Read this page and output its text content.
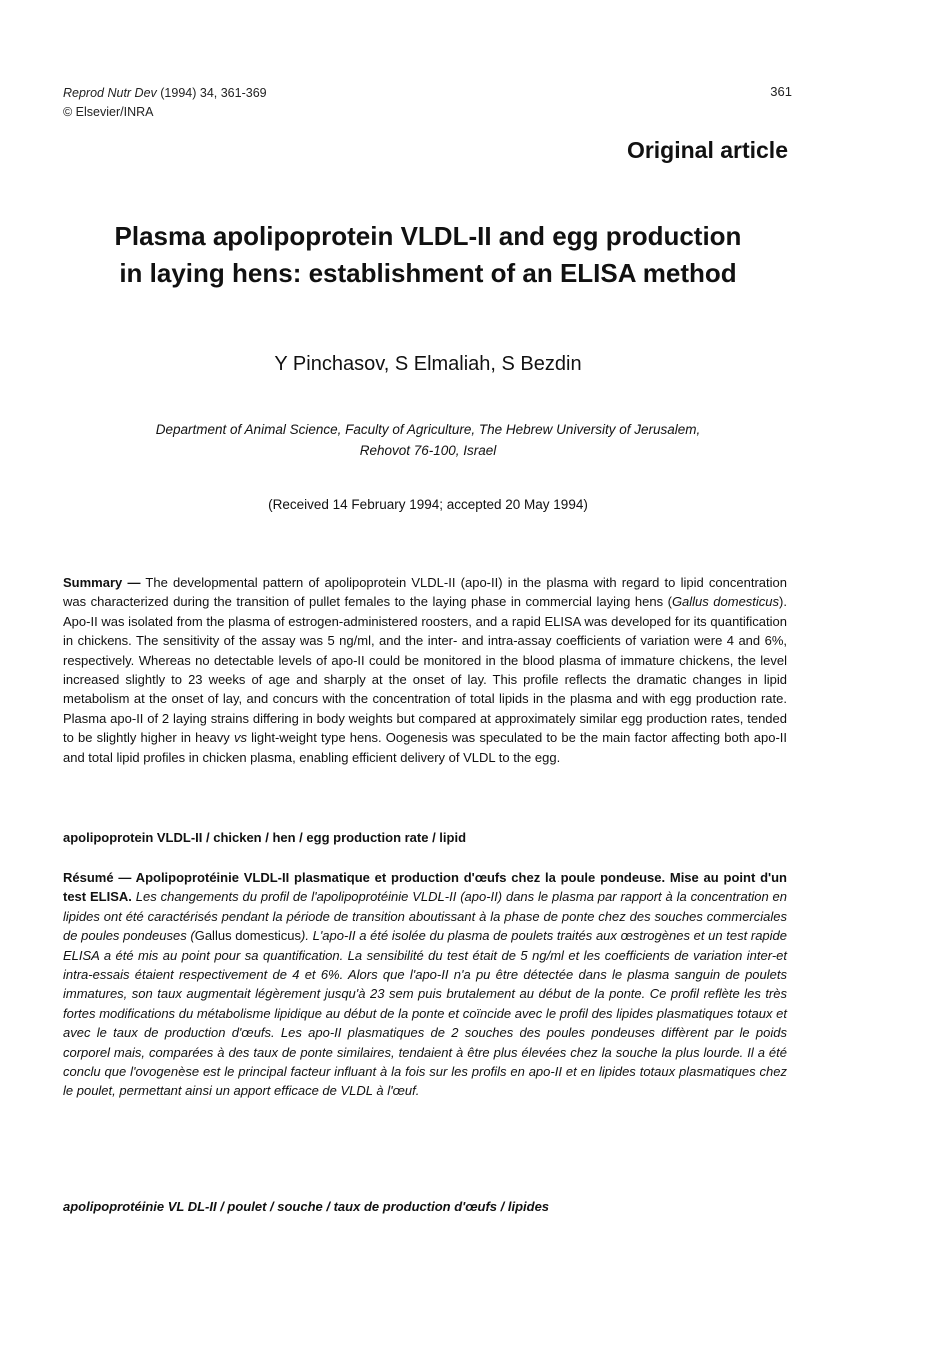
Reprod Nutr Dev (1994) 34, 361-369
© Elsevier/INRA
361
Original article
Plasma apolipoprotein VLDL-II and egg production
in laying hens: establishment of an ELISA method
Y Pinchasov, S Elmaliah, S Bezdin
Department of Animal Science, Faculty of Agriculture, The Hebrew University of Jerusalem,
Rehovot 76-100, Israel
(Received 14 February 1994; accepted 20 May 1994)
Summary — The developmental pattern of apolipoprotein VLDL-II (apo-II) in the plasma with regard to lipid concentration was characterized during the transition of pullet females to the laying phase in commercial laying hens (Gallus domesticus). Apo-II was isolated from the plasma of estrogen-administered roosters, and a rapid ELISA was developed for its quantification in chickens. The sensitivity of the assay was 5 ng/ml, and the inter- and intra-assay coefficients of variation were 4 and 6%, respectively. Whereas no detectable levels of apo-II could be monitored in the blood plasma of immature chickens, the level increased slightly to 23 weeks of age and sharply at the onset of lay. This profile reflects the dramatic changes in lipid metabolism at the onset of lay, and concurs with the concentration of total lipids in the plasma and with egg production rate. Plasma apo-II of 2 laying strains differing in body weights but compared at approximately similar egg production rates, tended to be slightly higher in heavy vs light-weight type hens. Oogenesis was speculated to be the main factor affecting both apo-II and total lipid profiles in chicken plasma, enabling efficient delivery of VLDL to the egg.
apolipoprotein VLDL-II / chicken / hen / egg production rate / lipid
Résumé — Apolipoprotéinie VLDL-II plasmatique et production d'œufs chez la poule pondeuse. Mise au point d'un test ELISA. Les changements du profil de l'apolipoprotéinie VLDL-II (apo-II) dans le plasma par rapport à la concentration en lipides ont été caractérisés pendant la période de transition aboutissant à la phase de ponte chez des souches commerciales de poules pondeuses (Gallus domesticus). L'apo-II a été isolée du plasma de poulets traités aux œstrogènes et un test rapide ELISA a été mis au point pour sa quantification. La sensibilité du test était de 5 ng/ml et les coefficients de variation inter-et intra-essais étaient respectivement de 4 et 6%. Alors que l'apo-II n'a pu être détectée dans le plasma sanguin de poulets immatures, son taux augmentait légèrement jusqu'à 23 sem puis brutalement au début de la ponte. Ce profil reflète les très fortes modifications du métabolisme lipidique au début de la ponte et coïncide avec le profil des lipides plasmatiques totaux et avec le taux de production d'œufs. Les apo-II plasmatiques de 2 souches des poules pondeuses diffèrent par le poids corporel mais, comparées à des taux de ponte similaires, tendaient à être plus élevées chez la souche la plus lourde. Il a été conclu que l'ovogenèse est le principal facteur influant à la fois sur les profils en apo-II et en lipides totaux plasmatiques chez le poulet, permettant ainsi un apport efficace de VLDL à l'œuf.
apolipoprotéinie VL DL-II / poulet / souche / taux de production d'œufs / lipides
